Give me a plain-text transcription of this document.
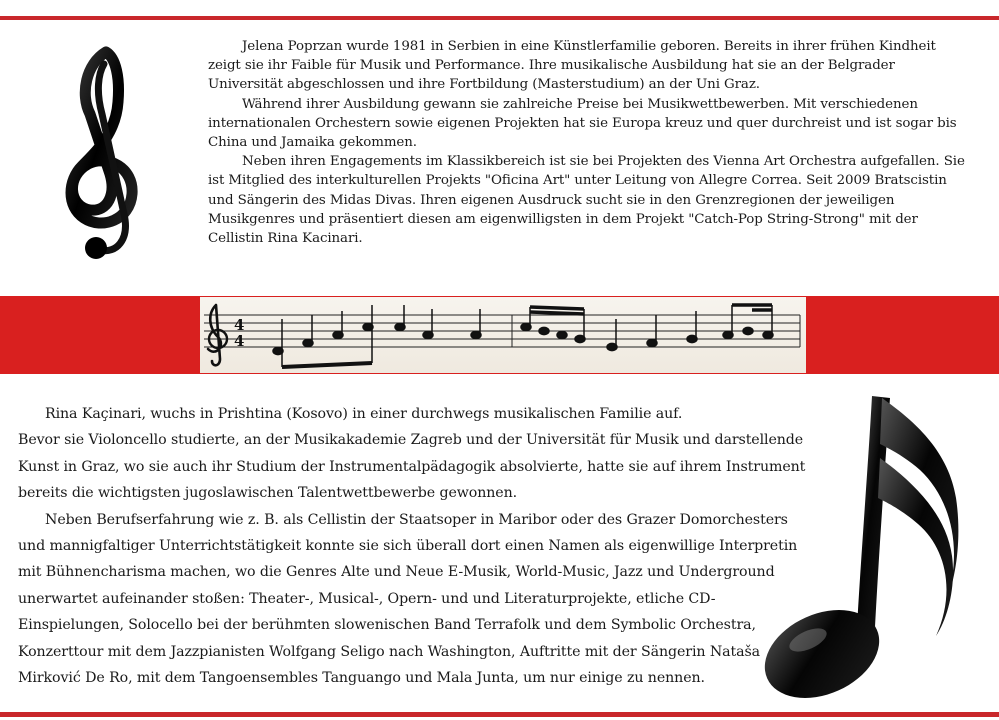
Jelena Poprzan wurde 1981 in Serbien in eine Künstlerfamilie geboren. Bereits in ihrer frühen Kindheit zeigt sie ihr Faible für Musik und Performance. Ihre musikalische Ausbildung hat sie an der Belgrader Universität abgeschlossen und ihre Fortbildung (Masterstudium) an der Uni Graz.

Während ihrer Ausbildung gewann sie zahlreiche Preise bei Musikwettbewerben. Mit verschiedenen internationalen Orchestern sowie eigenen Projekten hat sie Europa kreuz und quer durchreist und ist sogar bis China und Jamaika gekommen.

Neben ihren Engagements im Klassikbereich ist sie bei Projekten des Vienna Art Orchestra aufgefallen. Sie ist Mitglied des interkulturellen Projekts "Oficina Art" unter Leitung von Allegre Correa. Seit 2009 Bratscistin und Sängerin des Midas Divas. Ihren eigenen Ausdruck sucht sie in den Grenzregionen der jeweiligen Musikgenres und präsentiert diesen am eigenwilligsten in dem Projekt "Catch-Pop String-Strong" mit der Cellistin Rina Kacinari.

4
4

Rina Kaçinari, wuchs in Prishtina (Kosovo) in einer durchwegs musikalischen Familie auf.

Bevor sie Violoncello studierte, an der Musikakademie Zagreb und der Universität für Musik und darstellende Kunst in Graz, wo sie auch ihr Studium der Instrumentalpädagogik absolvierte, hatte sie auf ihrem Instrument bereits die wichtigsten jugoslawischen Talentwettbewerbe gewonnen.

Neben Berufserfahrung wie z. B. als Cellistin der Staatsoper in Maribor oder des Grazer Domorchesters und mannigfaltiger Unterrichtstätigkeit konnte sie sich überall dort einen Namen als eigenwillige Interpretin mit Bühnencharisma machen, wo die Genres Alte und Neue E-Musik, World-Music, Jazz und Underground unerwartet aufeinander stoßen: Theater-, Musical-, Opern- und und Literaturprojekte, etliche CD-Einspielungen, Solocello bei der berühmten slowenischen Band Terrafolk und dem Symbolic Orchestra, Konzerttour mit dem Jazzpianisten Wolfgang Seligo nach Washington, Auftritte mit der Sängerin Nataša Mirković De Ro, mit dem Tangoensembles Tanguango und Mala Junta, um nur einige zu nennen.
